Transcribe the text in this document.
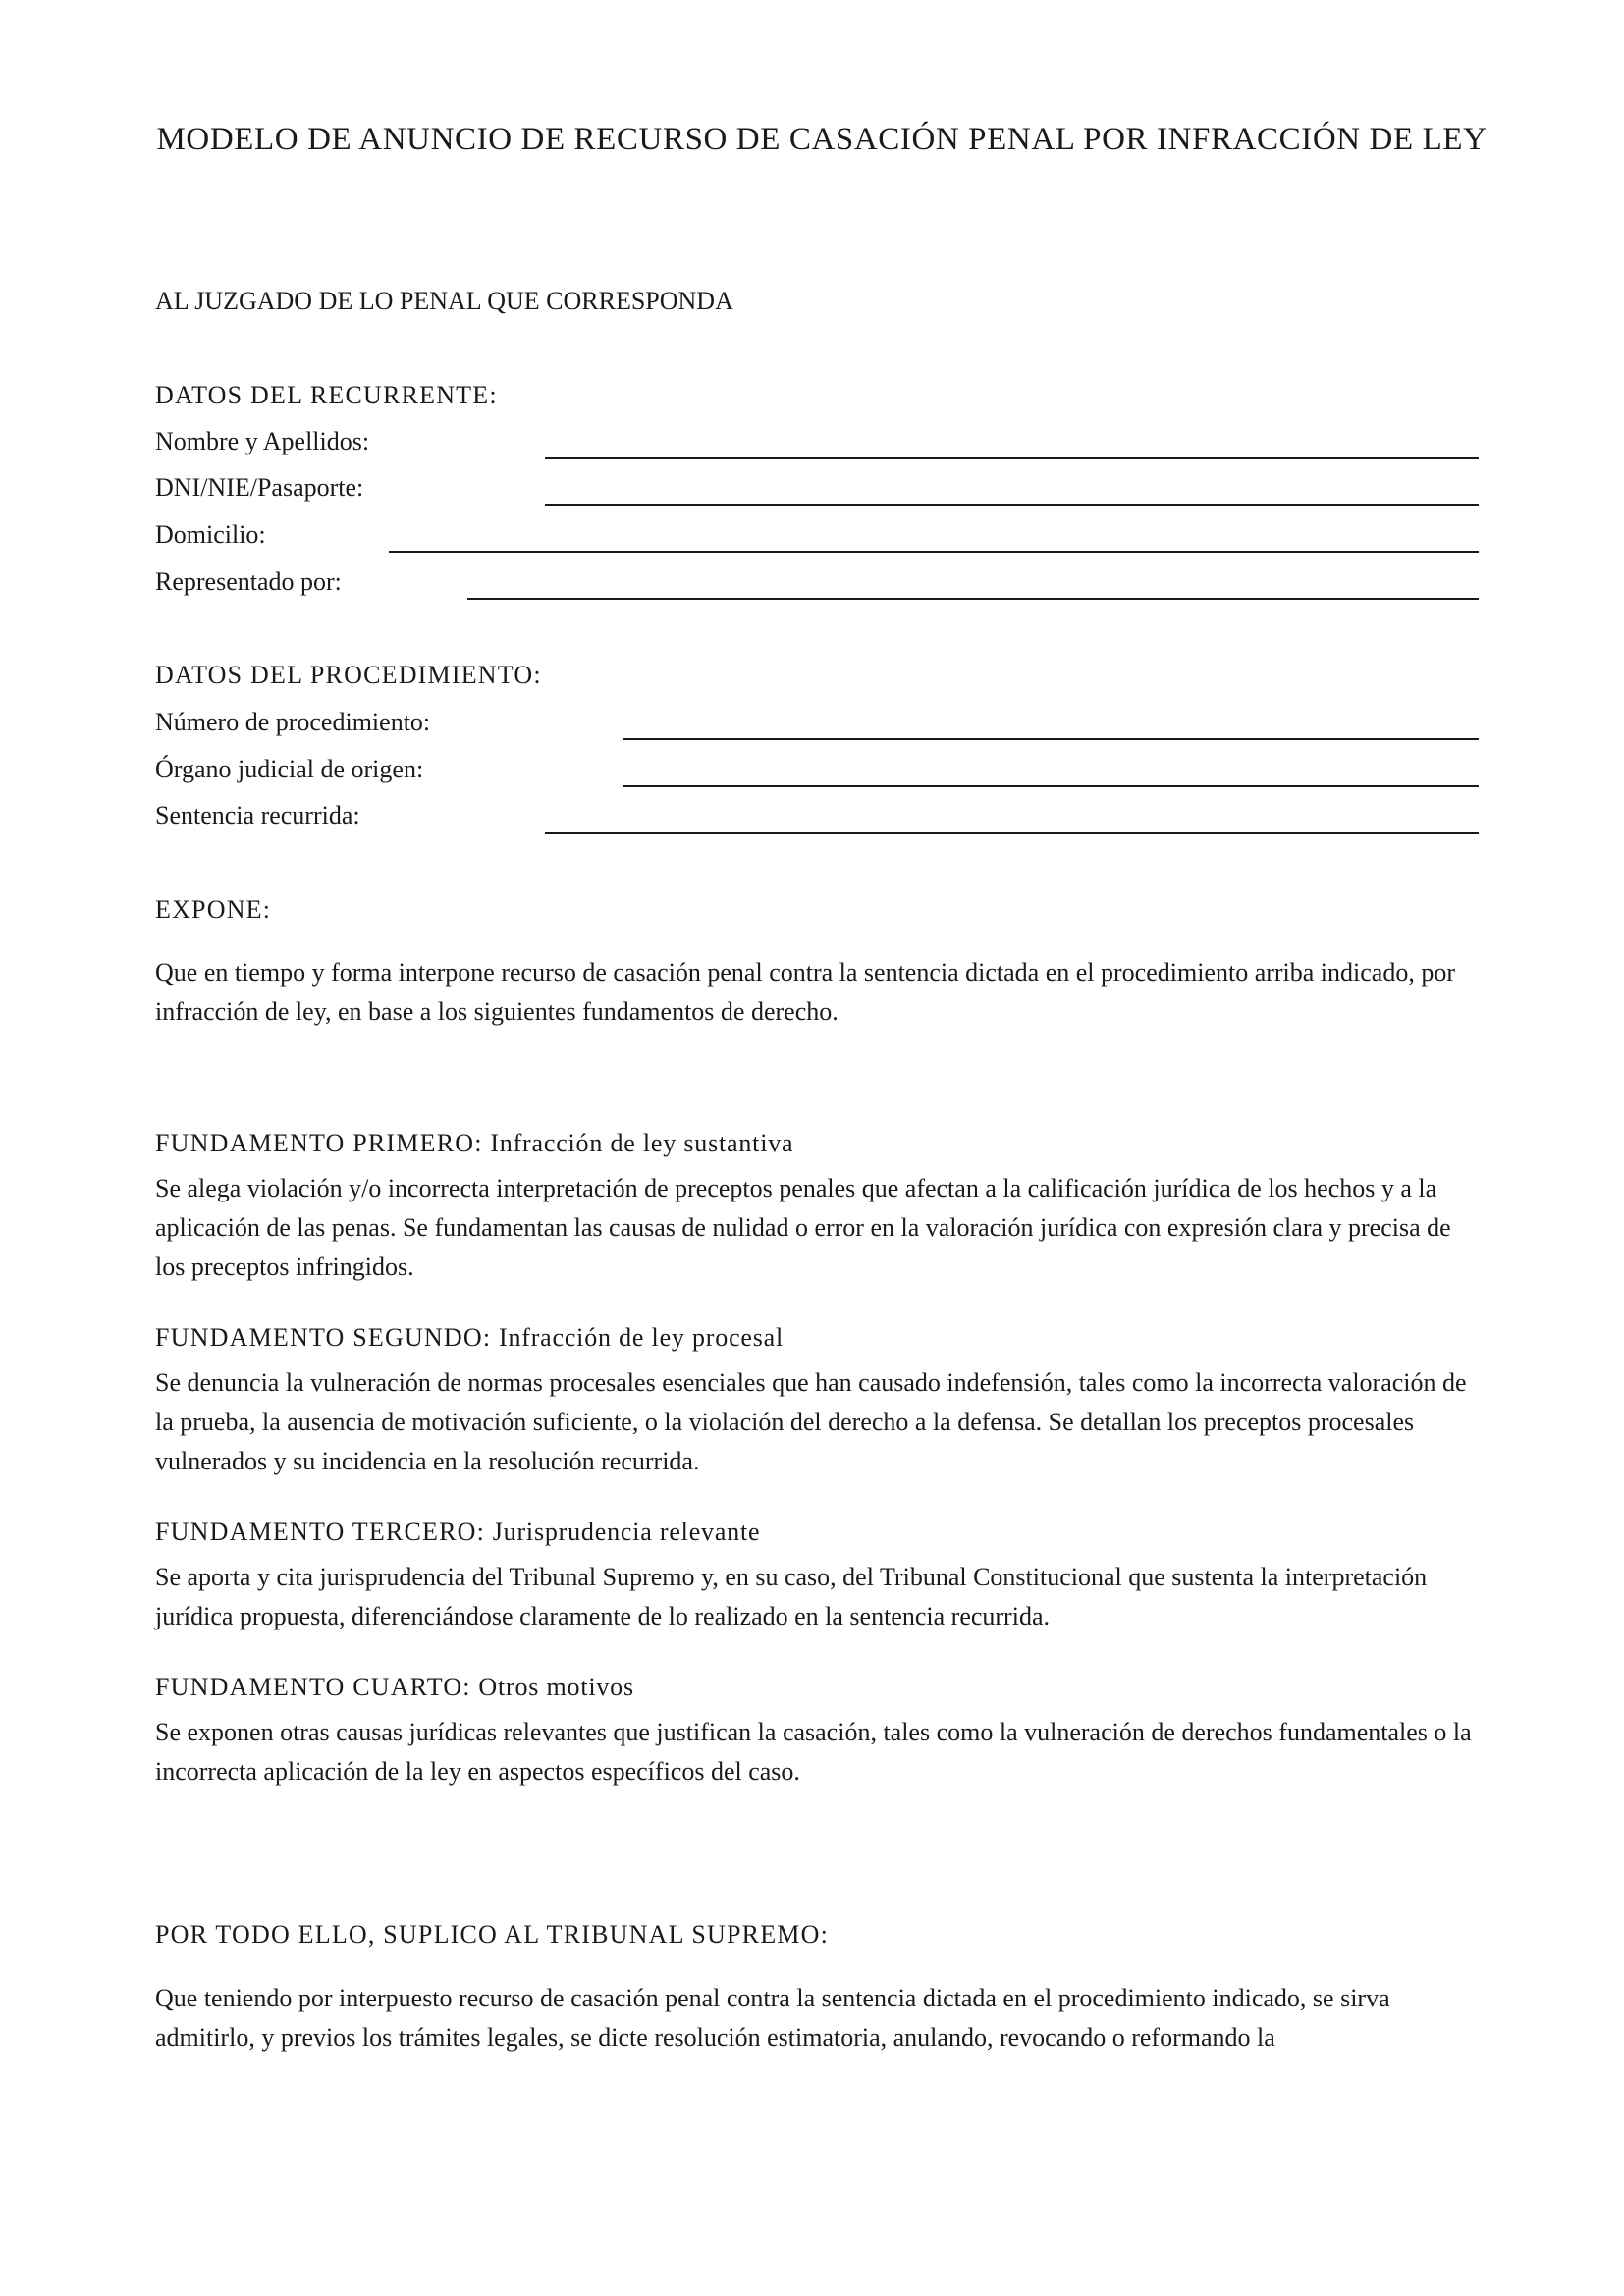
MODELO DE ANUNCIO DE RECURSO DE CASACIÓN PENAL POR INFRACCIÓN DE LEY
AL JUZGADO DE LO PENAL QUE CORRESPONDA
DATOS DEL RECURRENTE:
Nombre y Apellidos:
DNI/NIE/Pasaporte:
Domicilio:
Representado por:
DATOS DEL PROCEDIMIENTO:
Número de procedimiento:
Órgano judicial de origen:
Sentencia recurrida:
EXPONE:
Que en tiempo y forma interpone recurso de casación penal contra la sentencia dictada en el procedimiento arriba indicado, por infracción de ley, en base a los siguientes fundamentos de derecho.
FUNDAMENTO PRIMERO: Infracción de ley sustantiva
Se alega violación y/o incorrecta interpretación de preceptos penales que afectan a la calificación jurídica de los hechos y a la aplicación de las penas. Se fundamentan las causas de nulidad o error en la valoración jurídica con expresión clara y precisa de los preceptos infringidos.
FUNDAMENTO SEGUNDO: Infracción de ley procesal
Se denuncia la vulneración de normas procesales esenciales que han causado indefensión, tales como la incorrecta valoración de la prueba, la ausencia de motivación suficiente, o la violación del derecho a la defensa. Se detallan los preceptos procesales vulnerados y su incidencia en la resolución recurrida.
FUNDAMENTO TERCERO: Jurisprudencia relevante
Se aporta y cita jurisprudencia del Tribunal Supremo y, en su caso, del Tribunal Constitucional que sustenta la interpretación jurídica propuesta, diferenciándose claramente de lo realizado en la sentencia recurrida.
FUNDAMENTO CUARTO: Otros motivos
Se exponen otras causas jurídicas relevantes que justifican la casación, tales como la vulneración de derechos fundamentales o la incorrecta aplicación de la ley en aspectos específicos del caso.
POR TODO ELLO, SUPLICO AL TRIBUNAL SUPREMO:
Que teniendo por interpuesto recurso de casación penal contra la sentencia dictada en el procedimiento indicado, se sirva admitirlo, y previos los trámites legales, se dicte resolución estimatoria, anulando, revocando o reformando la
